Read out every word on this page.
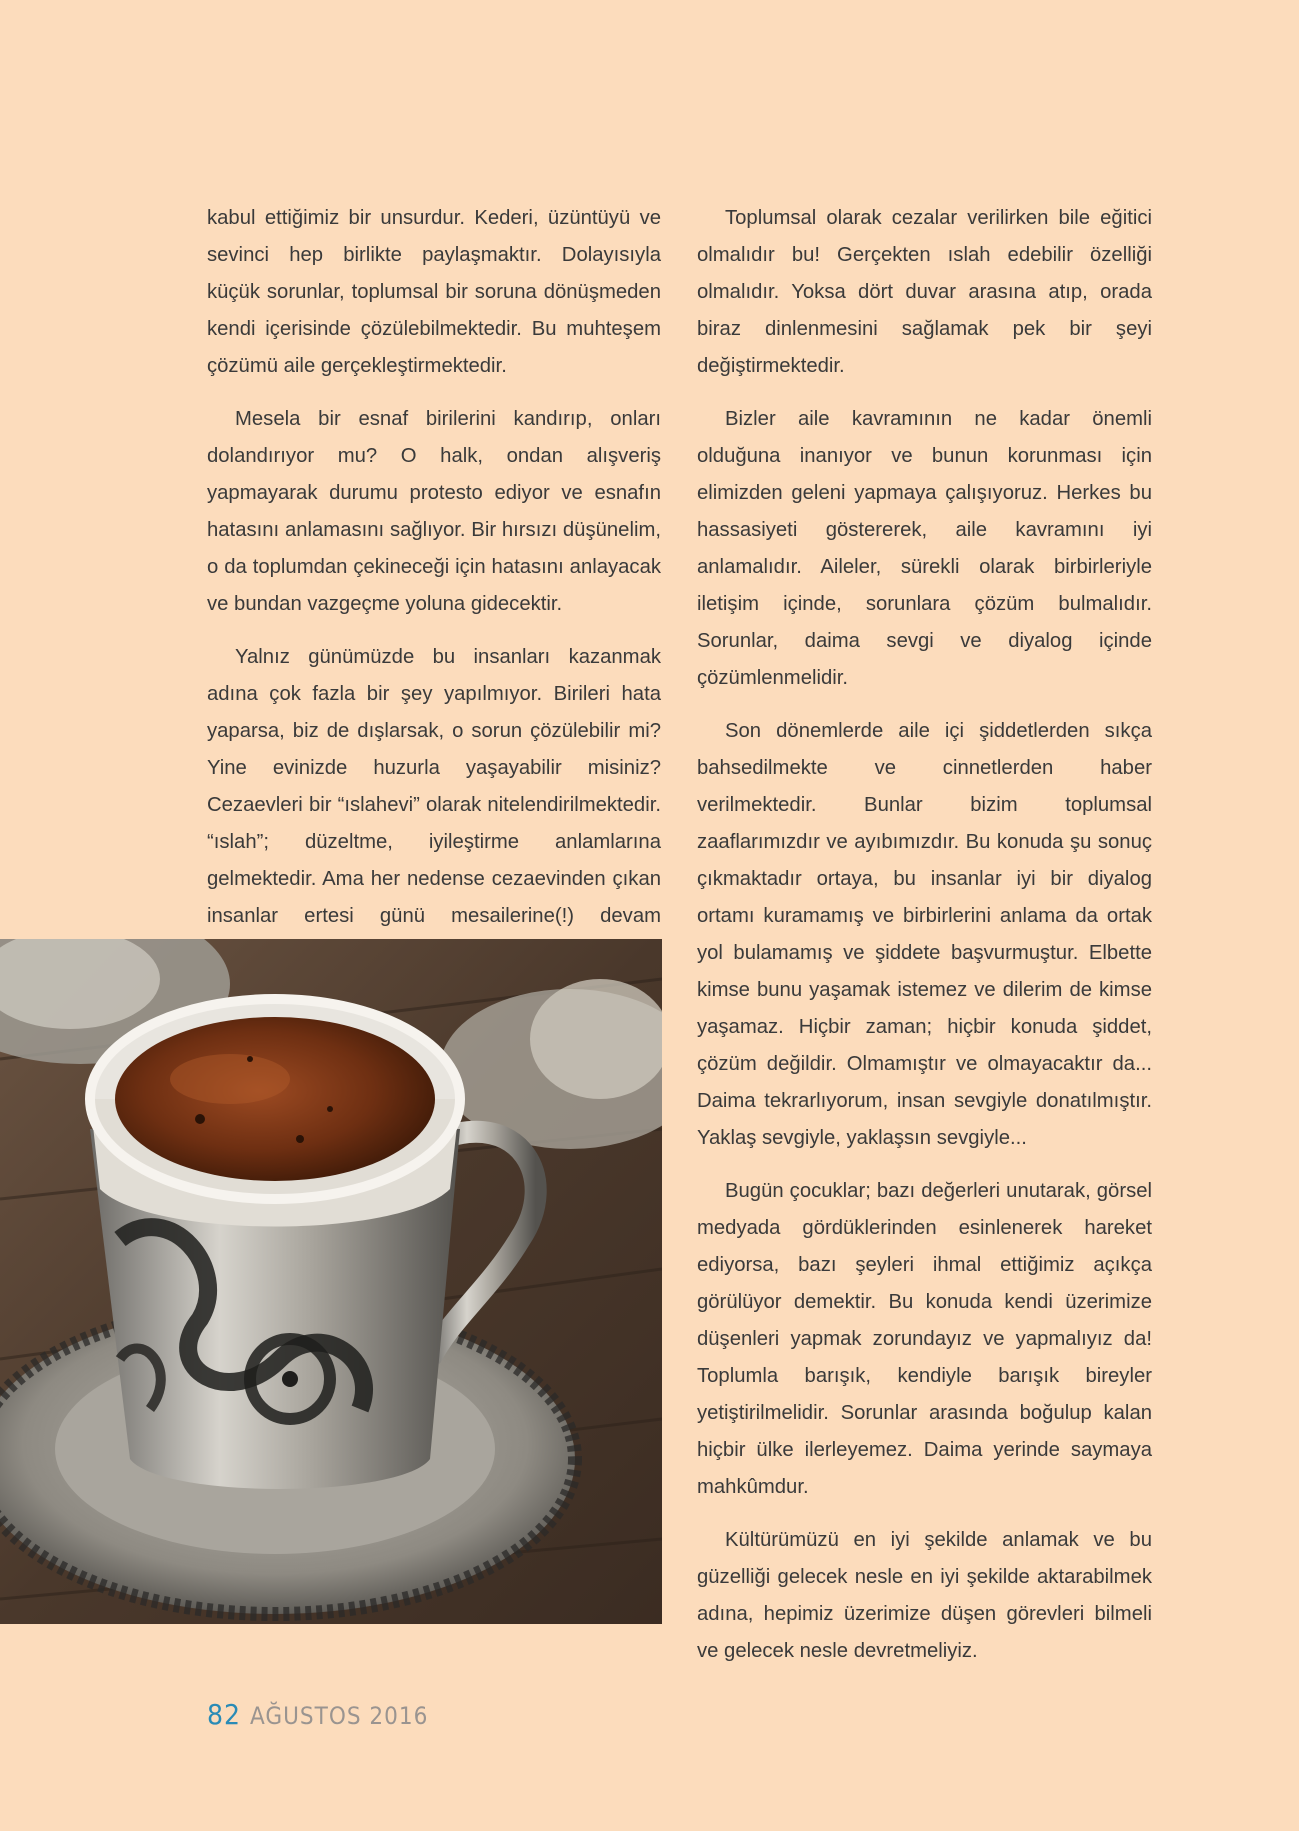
kabul ettiğimiz bir unsurdur. Kederi, üzüntüyü ve sevinci hep birlikte paylaşmaktır. Dolayısıyla küçük sorunlar, toplumsal bir soruna dönüşmeden kendi içerisinde çözülebilmektedir. Bu muhteşem çözümü aile gerçekleştirmektedir.

Mesela bir esnaf birilerini kandırıp, onları dolandırıyor mu? O halk, ondan alışveriş yapmayarak durumu protesto ediyor ve esnafın hatasını anlamasını sağlıyor. Bir hırsızı düşünelim, o da toplumdan çekineceği için hatasını anlayacak ve bundan vazgeçme yoluna gidecektir.

Yalnız günümüzde bu insanları kazanmak adına çok fazla bir şey yapılmıyor. Birileri hata yaparsa, biz de dışlarsak, o sorun çözülebilir mi? Yine evinizde huzurla yaşayabilir misiniz? Cezaevleri bir “ıslahevi” olarak nitelendirilmektedir. “ıslah”; düzeltme, iyileştirme anlamlarına gelmektedir. Ama her nedense cezaevinden çıkan insanlar ertesi günü mesailerine(!) devam

Toplumsal olarak cezalar verilirken bile eğitici olmalıdır bu! Gerçekten ıslah edebilir özelliği olmalıdır. Yoksa dört duvar arasına atıp, orada biraz dinlenmesini sağlamak pek bir şeyi değiştirmektedir.

Bizler aile kavramının ne kadar önemli olduğuna inanıyor ve bunun korunması için elimizden geleni yapmaya çalışıyoruz. Herkes bu hassasiyeti göstererek, aile kavramını iyi anlamalıdır. Aileler, sürekli olarak birbirleriyle iletişim içinde, sorunlara çözüm bulmalıdır. Sorunlar, daima sevgi ve diyalog içinde çözümlenmelidir.

Son dönemlerde aile içi şiddetlerden sıkça bahsedilmekte ve cinnetlerden haber verilmektedir. Bunlar bizim toplumsal zaaflarımızdır ve ayıbımızdır. Bu konuda şu sonuç çıkmaktadır ortaya, bu insanlar iyi bir diyalog ortamı kuramamış ve birbirlerini anlama da ortak yol bulamamış ve şiddete başvurmuştur. Elbette kimse bunu yaşamak istemez ve dilerim de kimse yaşamaz. Hiçbir zaman; hiçbir konuda şiddet, çözüm değildir. Olmamıştır ve olmayacaktır da... Daima tekrarlıyorum, insan sevgiyle donatılmıştır. Yaklaş sevgiyle, yaklaşsın sevgiyle...

Bugün çocuklar; bazı değerleri unutarak, görsel medyada gördüklerinden esinlenerek hareket ediyorsa, bazı şeyleri ihmal ettiğimiz açıkça görülüyor demektir. Bu konuda kendi üzerimize düşenleri yapmak zorundayız ve yapmalıyız da! Toplumla barışık, kendiyle barışık bireyler yetiştirilmelidir. Sorunlar arasında boğulup kalan hiçbir ülke ilerleyemez. Daima yerinde saymaya mahkûmdur.

Kültürümüzü en iyi şekilde anlamak ve bu güzelliği gelecek nesle en iyi şekilde aktarabilmek adına, hepimiz üzerimize düşen görevleri bilmeli ve gelecek nesle devretmeliyiz.

82 AĞUSTOS 2016
